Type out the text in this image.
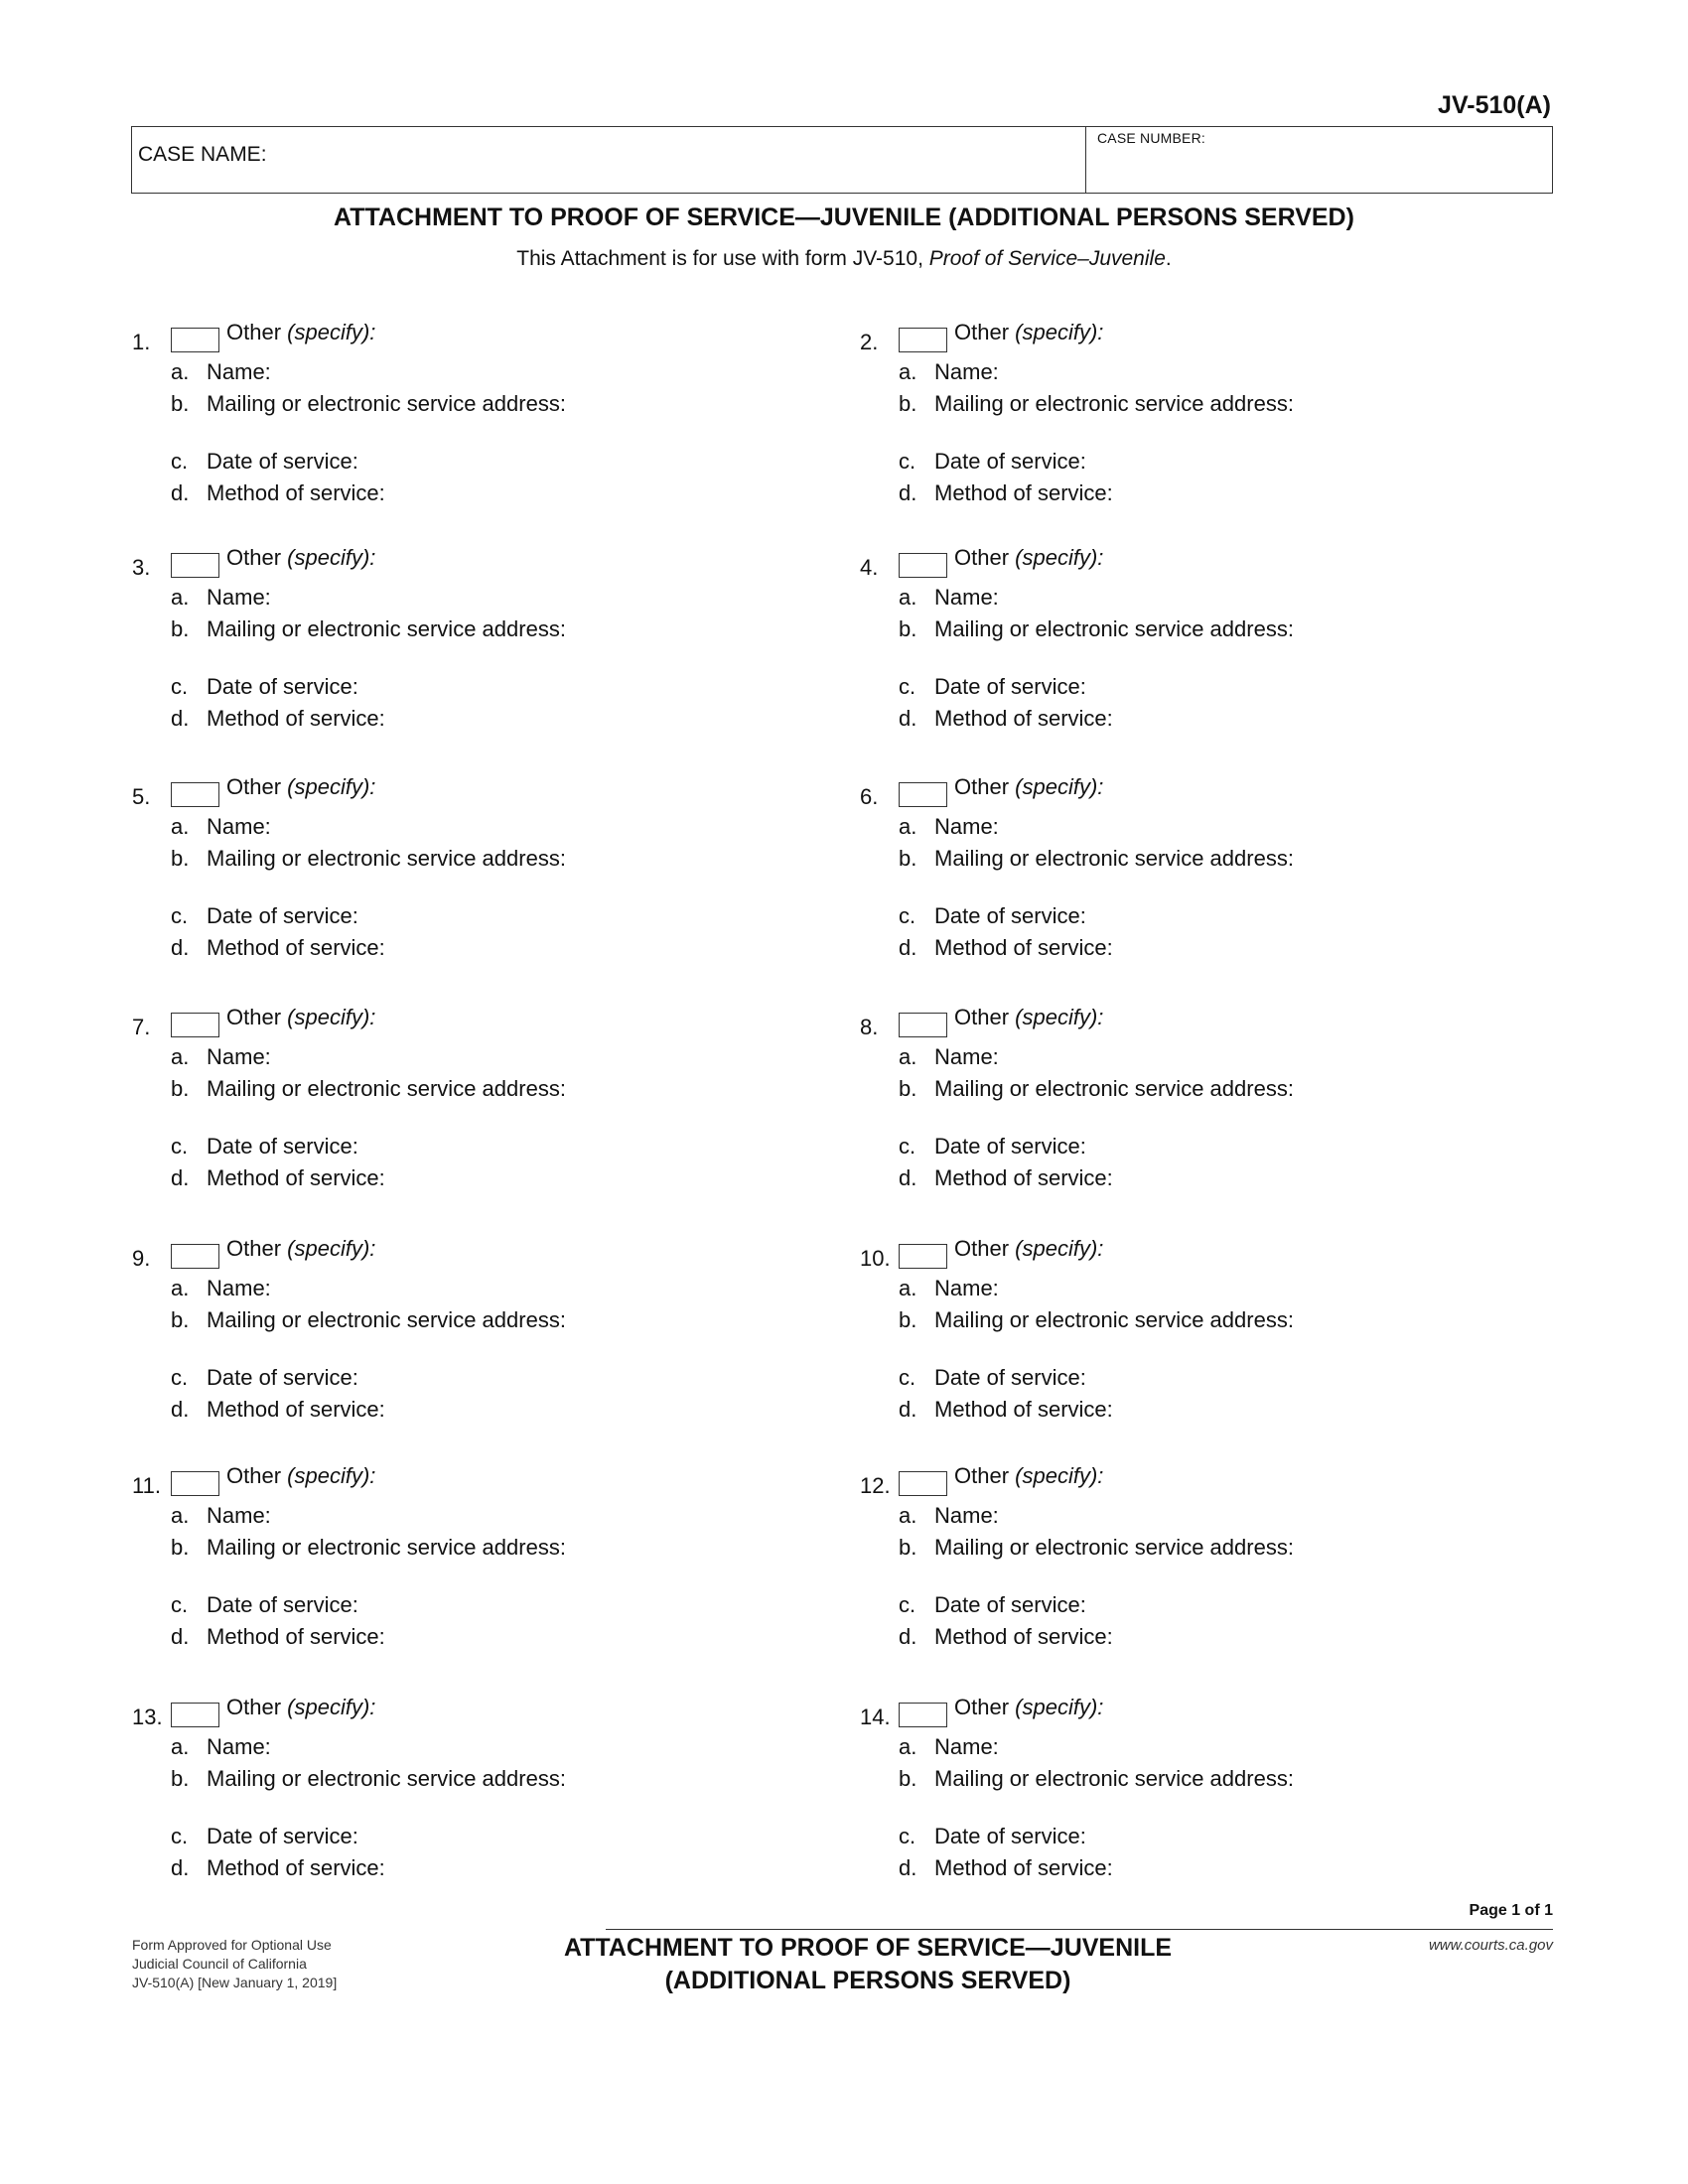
JV-510(A)
CASE NAME:
CASE NUMBER:
ATTACHMENT TO PROOF OF SERVICE—JUVENILE (ADDITIONAL PERSONS SERVED)
This Attachment is for use with form JV-510, Proof of Service–Juvenile.
1.	Other (specify):
a. Name:
b. Mailing or electronic service address:
c. Date of service:
d. Method of service:
2.	Other (specify):
a. Name:
b. Mailing or electronic service address:
c. Date of service:
d. Method of service:
3.	Other (specify):
a. Name:
b. Mailing or electronic service address:
c. Date of service:
d. Method of service:
4.	Other (specify):
a. Name:
b. Mailing or electronic service address:
c. Date of service:
d. Method of service:
5.	Other (specify):
a. Name:
b. Mailing or electronic service address:
c. Date of service:
d. Method of service:
6.	Other (specify):
a. Name:
b. Mailing or electronic service address:
c. Date of service:
d. Method of service:
7.	Other (specify):
a. Name:
b. Mailing or electronic service address:
c. Date of service:
d. Method of service:
8.	Other (specify):
a. Name:
b. Mailing or electronic service address:
c. Date of service:
d. Method of service:
9.	Other (specify):
a. Name:
b. Mailing or electronic service address:
c. Date of service:
d. Method of service:
10.	Other (specify):
a. Name:
b. Mailing or electronic service address:
c. Date of service:
d. Method of service:
11.	Other (specify):
a. Name:
b. Mailing or electronic service address:
c. Date of service:
d. Method of service:
12.	Other (specify):
a. Name:
b. Mailing or electronic service address:
c. Date of service:
d. Method of service:
13.	Other (specify):
a. Name:
b. Mailing or electronic service address:
c. Date of service:
d. Method of service:
14.	Other (specify):
a. Name:
b. Mailing or electronic service address:
c. Date of service:
d. Method of service:
Page 1 of 1
Form Approved for Optional Use
Judicial Council of California
JV-510(A) [New January 1, 2019]
ATTACHMENT TO PROOF OF SERVICE—JUVENILE
(ADDITIONAL PERSONS SERVED)
www.courts.ca.gov
